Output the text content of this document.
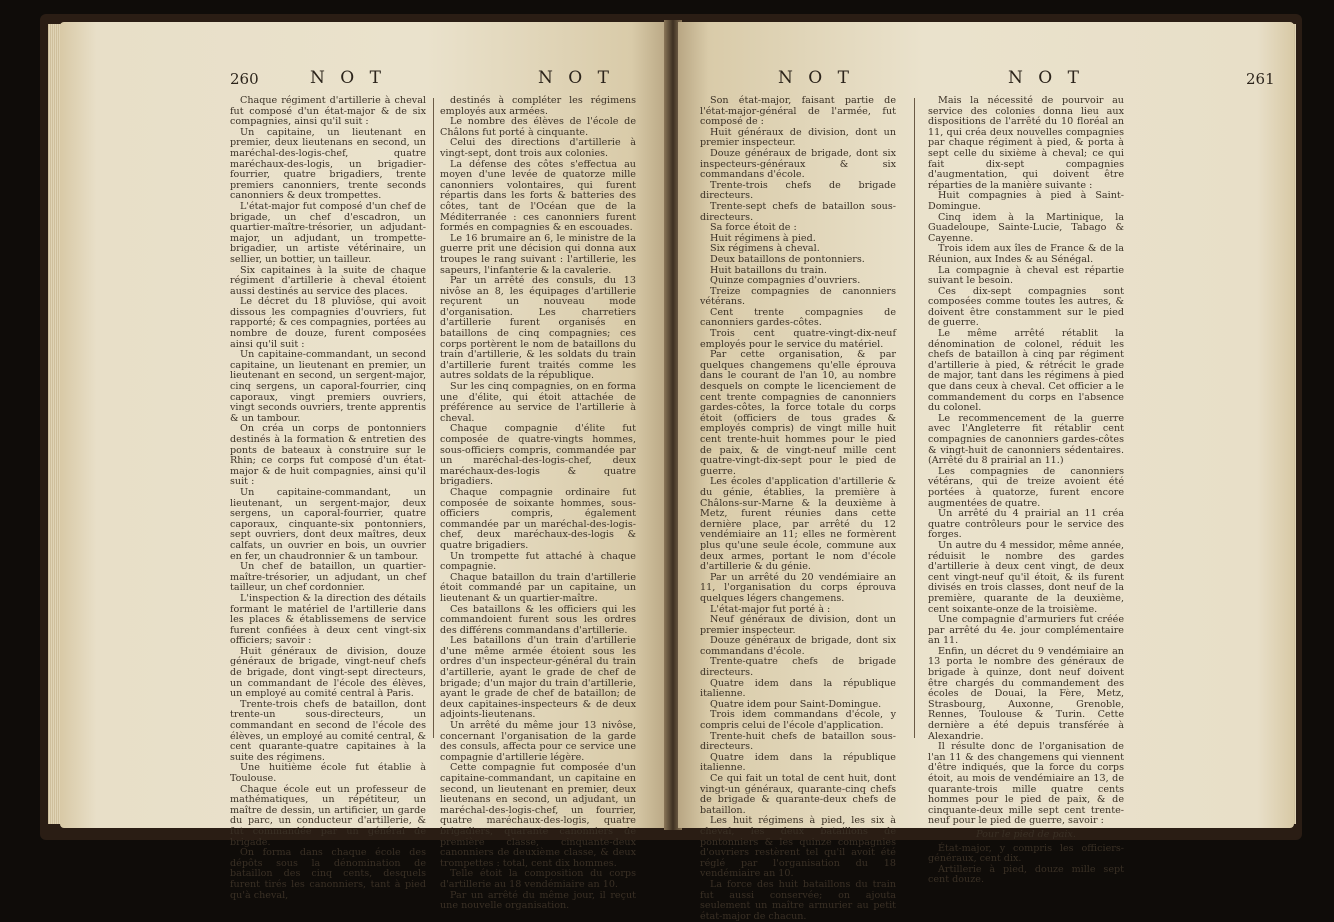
260	N O T	N O T

Chaque régiment d'artillerie à cheval fut composé d'un état-major & de six compagnies, ainsi qu'il suit :

Un capitaine, un lieutenant en premier, deux lieutenans en second, un maréchal-des-logis-chef, quatre maréchaux-des-logis, un brigadier-fourrier, quatre brigadiers, trente premiers canonniers, trente seconds canonniers & deux trompettes.

L'état-major fut composé d'un chef de brigade, un chef d'escadron, un quartier-maître-trésorier, un adjudant-major, un adjudant, un trompette-brigadier, un artiste vétérinaire, un sellier, un bottier, un tailleur.

Six capitaines à la suite de chaque régiment d'artillerie à cheval étoient aussi destinés au service des places.

Le décret du 18 pluviôse, qui avoit dissous les compagnies d'ouvriers, fut rapporté; & ces compagnies, portées au nombre de douze, furent composées ainsi qu'il suit :

Un capitaine-commandant, un second capitaine, un lieutenant en premier, un lieutenant en second, un sergent-major, cinq sergens, un caporal-fourrier, cinq caporaux, vingt premiers ouvriers, vingt seconds ouvriers, trente apprentis & un tambour.

On créa un corps de pontonniers destinés à la formation & entretien des ponts de bateaux à construire sur le Rhin; ce corps fut composé d'un état-major & de huit compagnies, ainsi qu'il suit :

Un capitaine-commandant, un lieutenant, un sergent-major, deux sergens, un caporal-fourrier, quatre caporaux, cinquante-six pontonniers, sept ouvriers, dont deux maîtres, deux calfats, un ouvrier en bois, un ouvrier en fer, un chaudronnier & un tambour.

Un chef de bataillon, un quartier-maître-trésorier, un adjudant, un chef tailleur, un chef cordonnier.

L'inspection & la direction des détails formant le matériel de l'artillerie dans les places & établissemens de service furent confiées à deux cent vingt-six officiers; savoir :

Huit généraux de division, douze généraux de brigade, vingt-neuf chefs de brigade, dont vingt-sept directeurs, un commandant de l'école des élèves, un employé au comité central à Paris.

Trente-trois chefs de bataillon, dont trente-un sous-directeurs, un commandant en second de l'école des élèves, un employé au comité central, & cent quarante-quatre capitaines à la suite des régimens.

Une huitième école fut établie à Toulouse.

Chaque école eut un professeur de mathématiques, un répétiteur, un maître de dessin, un artificier, un garde du parc, un conducteur d'artillerie, & fut commandée par un général de brigade.

On forma dans chaque école des dépôts sous la dénomination de bataillon des cinq cents, desquels furent tirés les canonniers, tant à pied qu'à cheval,

destinés à compléter les régimens employés aux armées.

Le nombre des élèves de l'école de Châlons fut porté à cinquante.

Celui des directions d'artillerie à vingt-sept, dont trois aux colonies.

La défense des côtes s'effectua au moyen d'une levée de quatorze mille canonniers volontaires, qui furent répartis dans les forts & batteries des côtes, tant de l'Océan que de la Méditerranée : ces canonniers furent formés en compagnies & en escouades.

Le 16 brumaire an 6, le ministre de la guerre prit une décision qui donna aux troupes le rang suivant : l'artillerie, les sapeurs, l'infanterie & la cavalerie.

Par un arrêté des consuls, du 13 nivôse an 8, les équipages d'artillerie reçurent un nouveau mode d'organisation. Les charretiers d'artillerie furent organisés en bataillons de cinq compagnies; ces corps portèrent le nom de bataillons du train d'artillerie, & les soldats du train d'artillerie furent traités comme les autres soldats de la république.

Sur les cinq compagnies, on en forma une d'élite, qui étoit attachée de préférence au service de l'artillerie à cheval.

Chaque compagnie d'élite fut composée de quatre-vingts hommes, sous-officiers compris, commandée par un maréchal-des-logis-chef, deux maréchaux-des-logis & quatre brigadiers.

Chaque compagnie ordinaire fut composée de soixante hommes, sous-officiers compris, également commandée par un maréchal-des-logis-chef, deux maréchaux-des-logis & quatre brigadiers.

Un trompette fut attaché à chaque compagnie.

Chaque bataillon du train d'artillerie étoit commandé par un capitaine, un lieutenant & un quartier-maître.

Ces bataillons & les officiers qui les commandoient furent sous les ordres des différens commandans d'artillerie.

Les bataillons d'un train d'artillerie d'une même armée étoient sous les ordres d'un inspecteur-général du train d'artillerie, ayant le grade de chef de brigade; d'un major du train d'artillerie, ayant le grade de chef de bataillon; de deux capitaines-inspecteurs & de deux adjoints-lieutenans.

Un arrêté du même jour 13 nivôse, concernant l'organisation de la garde des consuls, affecta pour ce service une compagnie d'artillerie légère.

Cette compagnie fut composée d'un capitaine-commandant, un capitaine en second, un lieutenant en premier, deux lieutenans en second, un adjudant, un maréchal-des-logis-chef, un fourrier, quatre maréchaux-des-logis, quatre brigadiers, quarante canonniers de première classe, cinquante-deux canonniers de deuxième classe, & deux trompettes : total, cent dix hommes.

Telle étoit la composition du corps d'artillerie au 18 vendémiaire an 10.

Par un arrêté du même jour, il reçut une nouvelle organisation.

N O T	N O T	261

Son état-major, faisant partie de l'état-major-général de l'armée, fut composé de :

Huit généraux de division, dont un premier inspecteur.

Douze généraux de brigade, dont six inspecteurs-généraux & six commandans d'école.

Trente-trois chefs de brigade directeurs.

Trente-sept chefs de bataillon sous-directeurs.

Sa force étoit de :

Huit régimens à pied.

Six régimens à cheval.

Deux bataillons de pontonniers.

Huit bataillons du train.

Quinze compagnies d'ouvriers.

Treize compagnies de canonniers vétérans.

Cent trente compagnies de canonniers gardes-côtes.

Trois cent quatre-vingt-dix-neuf employés pour le service du matériel.

Par cette organisation, & par quelques changemens qu'elle éprouva dans le courant de l'an 10, au nombre desquels on compte le licenciement de cent trente compagnies de canonniers gardes-côtes, la force totale du corps étoit (officiers de tous grades & employés compris) de vingt mille huit cent trente-huit hommes pour le pied de paix, & de vingt-neuf mille cent quatre-vingt-dix-sept pour le pied de guerre.

Les écoles d'application d'artillerie & du génie, établies, la première à Châlons-sur-Marne & la deuxième à Metz, furent réunies dans cette dernière place, par arrêté du 12 vendémiaire an 11; elles ne formèrent plus qu'une seule école, commune aux deux armes, portant le nom d'école d'artillerie & du génie.

Par un arrêté du 20 vendémiaire an 11, l'organisation du corps éprouva quelques légers changemens.

L'état-major fut porté à :

Neuf généraux de division, dont un premier inspecteur.

Douze généraux de brigade, dont six commandans d'école.

Trente-quatre chefs de brigade directeurs.

Quatre idem dans la république italienne.

Quatre idem pour Saint-Domingue.

Trois idem commandans d'école, y compris celui de l'école d'application.

Trente-huit chefs de bataillon sous-directeurs.

Quatre idem dans la république italienne.

Ce qui fait un total de cent huit, dont vingt-un généraux, quarante-cinq chefs de brigade & quarante-deux chefs de bataillon.

Les huit régimens à pied, les six à cheval, les deux bataillons de pontonniers & les quinze compagnies d'ouvriers restèrent tel qu'il avoit été réglé par l'organisation du 18 vendémiaire an 10.

La force des huit bataillons du train fut aussi conservée; on ajouta seulement un maître armurier au petit état-major de chacun.

Mais la nécessité de pourvoir au service des colonies donna lieu aux dispositions de l'arrêté du 10 floréal an 11, qui créa deux nouvelles compagnies par chaque régiment à pied, & porta à sept celle du sixième à cheval; ce qui fait dix-sept compagnies d'augmentation, qui doivent être réparties de la manière suivante :

Huit compagnies à pied à Saint-Domingue.

Cinq idem à la Martinique, la Guadeloupe, Sainte-Lucie, Tabago & Cayenne.

Trois idem aux îles de France & de la Réunion, aux Indes & au Sénégal.

La compagnie à cheval est répartie suivant le besoin.

Ces dix-sept compagnies sont composées comme toutes les autres, & doivent être constamment sur le pied de guerre.

Le même arrêté rétablit la dénomination de colonel, réduit les chefs de bataillon à cinq par régiment d'artillerie à pied, & rétrécit le grade de major, tant dans les régimens à pied que dans ceux à cheval. Cet officier a le commandement du corps en l'absence du colonel.

Le recommencement de la guerre avec l'Angleterre fit rétablir cent compagnies de canonniers gardes-côtes & vingt-huit de canonniers sédentaires. (Arrêté du 8 prairial an 11.)

Les compagnies de canonniers vétérans, qui de treize avoient été portées à quatorze, furent encore augmentées de quatre.

Un arrêté du 4 prairial an 11 créa quatre contrôleurs pour le service des forges.

Un autre du 4 messidor, même année, réduisit le nombre des gardes d'artillerie à deux cent vingt, de deux cent vingt-neuf qu'il étoit, & ils furent divisés en trois classes, dont neuf de la première, quarante de la deuxième, cent soixante-onze de la troisième.

Une compagnie d'armuriers fut créée par arrêté du 4e. jour complémentaire an 11.

Enfin, un décret du 9 vendémiaire an 13 porta le nombre des généraux de brigade à quinze, dont neuf doivent être chargés du commandement des écoles de Douai, la Fère, Metz, Strasbourg, Auxonne, Grenoble, Rennes, Toulouse & Turin. Cette dernière a été depuis transférée à Alexandrie.

Il résulte donc de l'organisation de l'an 11 & des changemens qui viennent d'être indiqués, que la force du corps étoit, au mois de vendémiaire an 13, de quarante-trois mille quatre cents hommes pour le pied de paix, & de cinquante-deux mille sept cent trente-neuf pour le pied de guerre, savoir :

Pour le pied de paix.

État-major, y compris les officiers-généraux, cent dix.

Artillerie à pied, douze mille sept cent douze.
